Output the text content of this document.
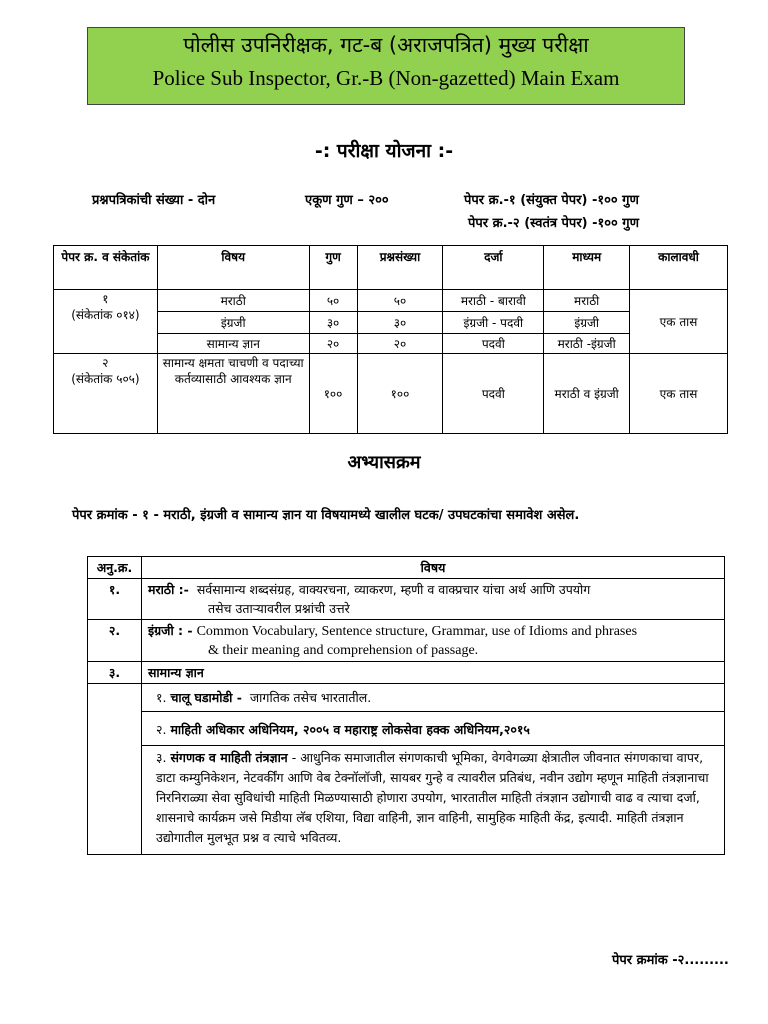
पोलीस उपनिरीक्षक, गट-ब (अराजपत्रित) मुख्य परीक्षा
Police Sub Inspector, Gr.-B (Non-gazetted) Main Exam
-: परीक्षा योजना :-
प्रश्नपत्रिकांची संख्या - दोन	एकूण गुण – २००	पेपर क्र.-१ (संयुक्त पेपर) -१०० गुण
पेपर क्र.-२ (स्वतंत्र पेपर) -१०० गुण
पेपर क्र. व संकेतांक	विषय	गुण	प्रश्नसंख्या	दर्जा	माध्यम	कालावधी

१
(संकेतांक ०१४)	मराठी	५०	५०	मराठी - बारावी	मराठी	एक तास
	इंग्रजी	३०	३०	इंग्रजी - पदवी	इंग्रजी	
	सामान्य ज्ञान	२०	२०	पदवी	मराठी -इंग्रजी	

२
(संकेतांक ५०५)	सामान्य क्षमता चाचणी व पदाच्या कर्तव्यासाठी आवश्यक ज्ञान	१००	१००	पदवी	मराठी व इंग्रजी	एक तास
अभ्यासक्रम
पेपर क्रमांक - १ - मराठी, इंग्रजी व सामान्य ज्ञान या विषयामध्ये खालील घटक/ उपघटकांचा समावेश असेल.
अनु.क्र.	विषय
१.	मराठी :- सर्वसामान्य शब्दसंग्रह, वाक्यरचना, व्याकरण, म्हणी व वाक्प्रचार यांचा अर्थ आणि उपयोग
तसेच उताऱ्यावरील प्रश्नांची उत्तरे

२.	इंग्रजी : - Common Vocabulary, Sentence structure, Grammar, use of Idioms and phrases
& their meaning and comprehension of passage.

३.	सामान्य ज्ञान
	१. चालू घडामोडी - जागतिक तसेच भारतातील.
	२. माहिती अधिकार अधिनियम, २००५ व महाराष्ट्र लोकसेवा हक्क अधिनियम,२०१५
	३. संगणक व माहिती तंत्रज्ञान - आधुनिक समाजातील संगणकाची भूमिका, वेगवेगळ्या क्षेत्रातील जीवनात संगणकाचा वापर, डाटा कम्युनिकेशन, नेटवर्कींग आणि वेब टेक्नॉलॉजी, सायबर गुन्हे व त्यावरील प्रतिबंध, नवीन उद्योग म्हणून माहिती तंत्रज्ञानाचा निरनिराळ्या सेवा सुविधांची माहिती मिळण्यासाठी होणारा उपयोग, भारतातील माहिती तंत्रज्ञान उद्योगाची वाढ व त्याचा दर्जा, शासनाचे कार्यक्रम जसे मिडीया लॅब एशिया, विद्या वाहिनी, ज्ञान वाहिनी, सामुहिक माहिती केंद्र, इत्यादी. माहिती तंत्रज्ञान उद्योगातील मुलभूत प्रश्न व त्याचे भवितव्य.
पेपर क्रमांक -२.........
